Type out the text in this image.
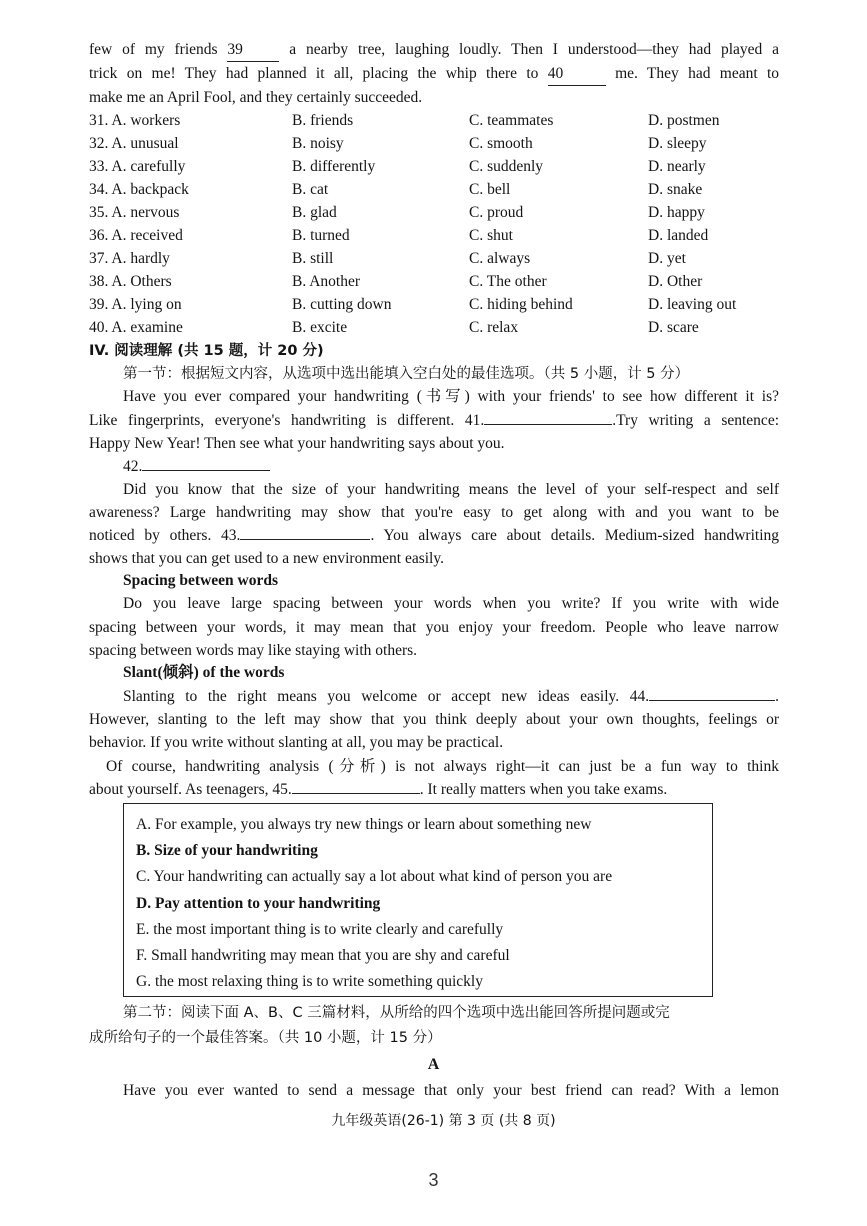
few of my friends 39	a nearby tree, laughing loudly. Then I understood—they had played a
trick on me! They had planned it all, placing the whip there to 40	me. They had meant to
make me an April Fool, and they certainly succeeded.
31. A. workers	B. friends	C. teammates	D. postmen
32. A. unusual	B. noisy	C. smooth	D. sleepy
33. A. carefully	B. differently	C. suddenly	D. nearly
34. A. backpack	B. cat	C. bell	D. snake
35. A. nervous	B. glad	C. proud	D. happy
36. A. received	B. turned	C. shut	D. landed
37. A. hardly	B. still	C. always	D. yet
38. A. Others	B. Another	C. The other	D. Other
39. A. lying on	B. cutting down	C. hiding behind	D. leaving out
40. A. examine	B. excite	C. relax	D. scare
IV. 阅读理解 (共 15 题，计 20 分)
第一节：根据短文内容，从选项中选出能填入空白处的最佳选项。（共 5 小题，计 5 分）
Have you ever compared your handwriting (书写) with your friends' to see how different it is?
Like fingerprints, everyone's handwriting is different. 41.	.Try writing a sentence:
Happy New Year! Then see what your handwriting says about you.
42.
Did you know that the size of your handwriting means the level of your self-respect and self
awareness? Large handwriting may show that you're easy to get along with and you want to be
noticed by others. 43.	. You always care about details. Medium-sized handwriting
shows that you can get used to a new environment easily.
Spacing between words
Do you leave large spacing between your words when you write? If you write with wide
spacing between your words, it may mean that you enjoy your freedom. People who leave narrow
spacing between words may like staying with others.
Slant(倾斜) of the words
Slanting to the right means you welcome or accept new ideas easily. 44.	.
However, slanting to the left may show that you think deeply about your own thoughts, feelings or
behavior. If you write without slanting at all, you may be practical.
Of course, handwriting analysis (分析) is not always right—it can just be a fun way to think
about yourself. As teenagers, 45.	. It really matters when you take exams.
A. For example, you always try new things or learn about something new
B. Size of your handwriting
C. Your handwriting can actually say a lot about what kind of person you are
D. Pay attention to your handwriting
E. the most important thing is to write clearly and carefully
F. Small handwriting may mean that you are shy and careful
G. the most relaxing thing is to write something quickly
第二节：阅读下面 A、B、C 三篇材料，从所给的四个选项中选出能回答所提问题或完
成所给句子的一个最佳答案。（共 10 小题，计 15 分）
A
Have you ever wanted to send a message that only your best friend can read? With a lemon
九年级英语(26-1) 第 3 页 (共 8 页)
3
